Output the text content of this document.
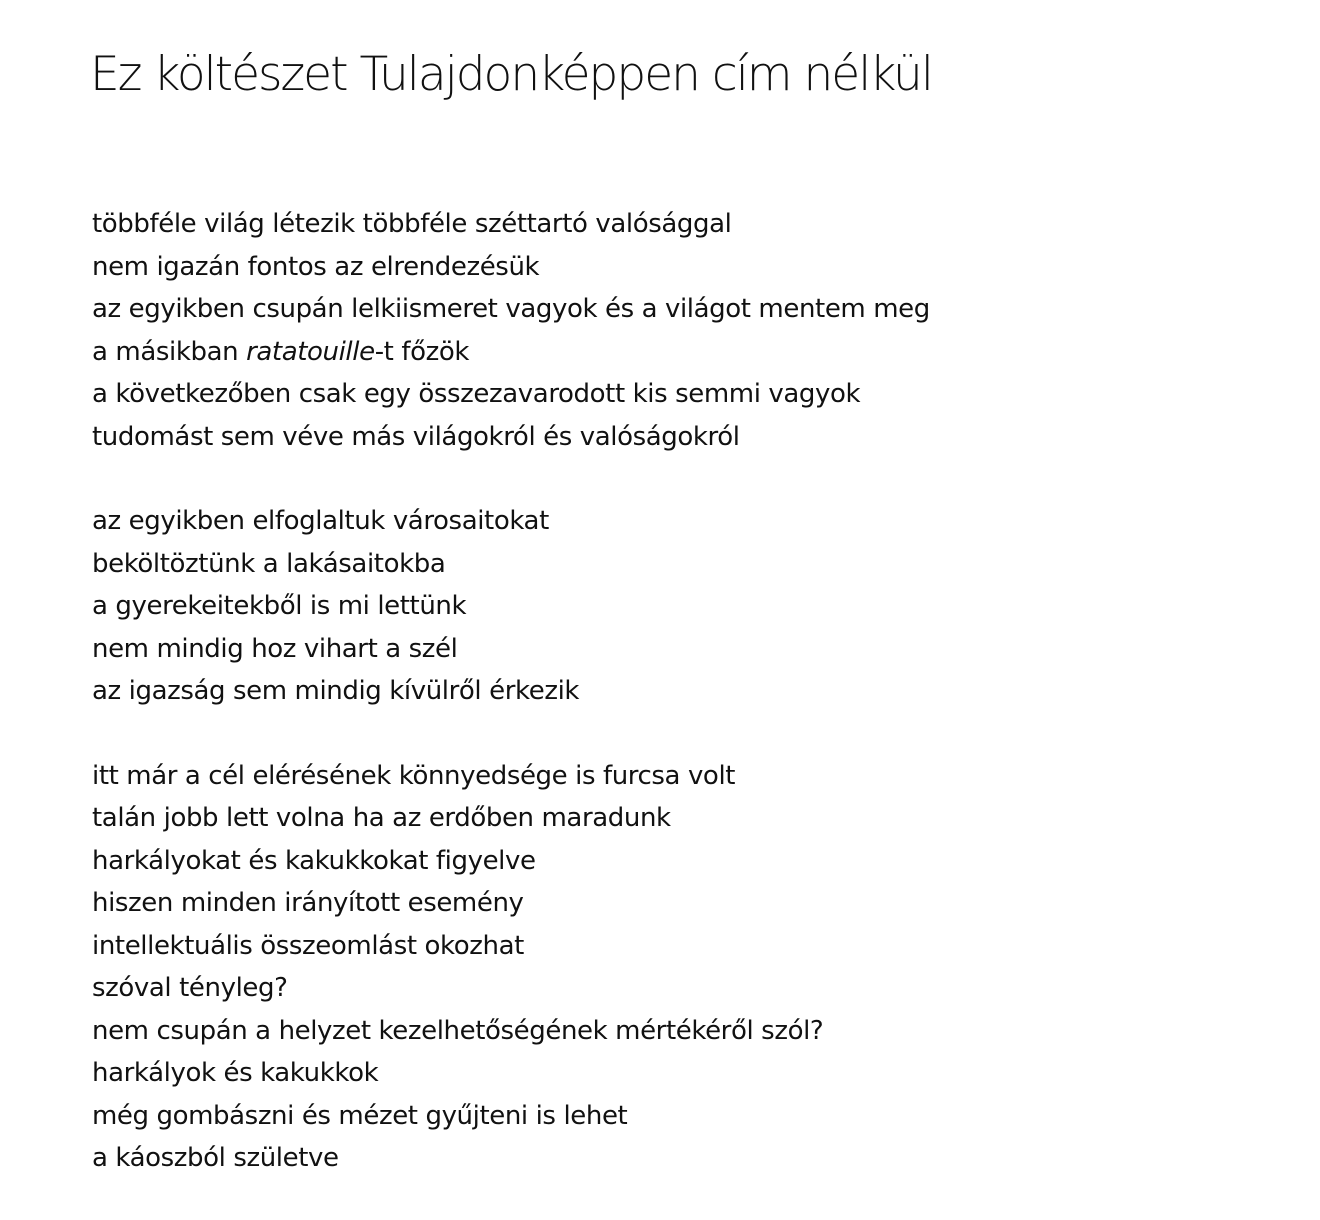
Ez költészet Tulajdonképpen cím nélkül
többféle világ létezik többféle széttartó valósággal
nem igazán fontos az elrendezésük
az egyikben csupán lelkiismeret vagyok és a világot mentem meg
a másikban ratatouille-t főzök
a következőben csak egy összezavarodott kis semmi vagyok
tudomást sem véve más világokról és valóságokról
az egyikben elfoglaltuk városaitokat
beköltöztünk a lakásaitokba
a gyerekeitekből is mi lettünk
nem mindig hoz vihart a szél
az igazság sem mindig kívülről érkezik
itt már a cél elérésének könnyedsége is furcsa volt
talán jobb lett volna ha az erdőben maradunk
harkályokat és kakukkokat figyelve
hiszen minden irányított esemény
intellektuális összeomlást okozhat
szóval tényleg?
nem csupán a helyzet kezelhetőségének mértékéről szól?
harkályok és kakukkok
még gombászni és mézet gyűjteni is lehet
a káoszból születve
